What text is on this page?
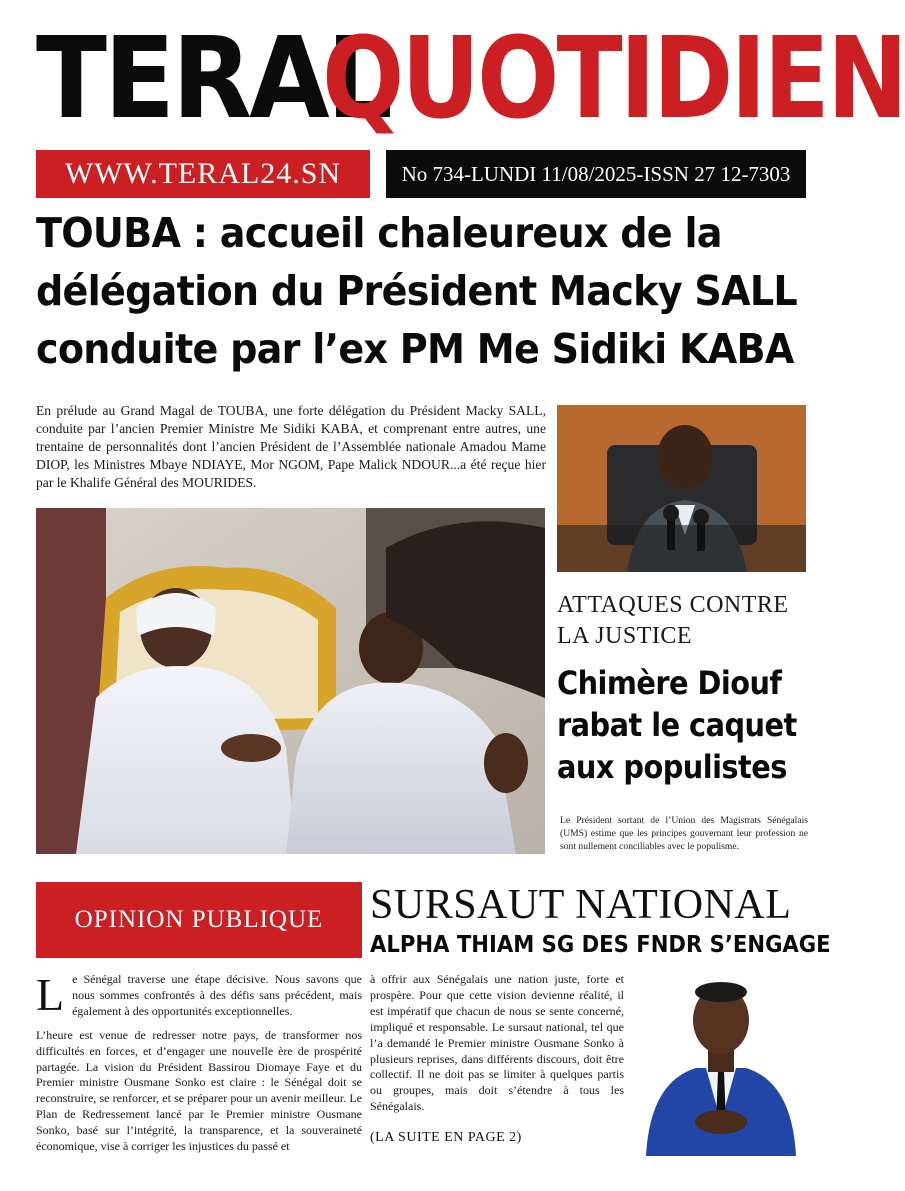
TERAL
QUOTIDIEN
WWW.TERAL24.SN	No 734-LUNDI 11/08/2025-ISSN 27 12-7303
TOUBA : accueil chaleureux de la
délégation du Président Macky SALL
conduite par l’ex PM Me Sidiki KABA

En prélude au Grand Magal de TOUBA, une forte délégation du Président Macky SALL, conduite par l’ancien Premier Ministre Me Sidiki KABA, et comprenant entre autres, une trentaine de personnalités dont l’ancien Président de l’Assemblée nationale Amadou Mame DIOP, les Ministres Mbaye NDIAYE, Mor NGOM, Pape Malick NDOUR...a été reçue hier par le Khalife Général des MOURIDES.

ATTAQUES CONTRE LA JUSTICE
Chimère Diouf
rabat le caquet
aux populistes

Le Président sortant de l’Union des Magistrats Sénégalais (UMS) estime que les principes gouvernant leur profession ne sont nullement conciliables avec le populisme.

OPINION PUBLIQUE SURSAUT NATIONAL
ALPHA THIAM SG DES FNDR S’ENGAGE

Le Sénégal traverse une étape décisive. Nous savons que nous sommes confrontés à des défis sans précédent, mais également à des opportunités exceptionnelles.

L’heure est venue de redresser notre pays, de transformer nos difficultés en forces, et d’engager une nouvelle ère de prospérité partagée. La vision du Président Bassirou Diomaye Faye et du Premier ministre Ousmane Sonko est claire : le Sénégal doit se reconstruire, se renforcer, et se préparer pour un avenir meilleur. Le Plan de Redressement lancé par le Premier ministre Ousmane Sonko, basé sur l’intégrité, la transparence, et la souveraineté économique, vise à corriger les injustices du passé et

à offrir aux Sénégalais une nation juste, forte et prospère. Pour que cette vision devienne réalité, il est impératif que chacun de nous se sente concerné, impliqué et responsable. Le sursaut national, tel que l’a demandé le Premier ministre Ousmane Sonko à plusieurs reprises, dans différents discours, doit être collectif. Il ne doit pas se limiter à quelques partis ou groupes, mais doit s’étendre à tous les Sénégalais.

(LA SUITE EN PAGE 2)
